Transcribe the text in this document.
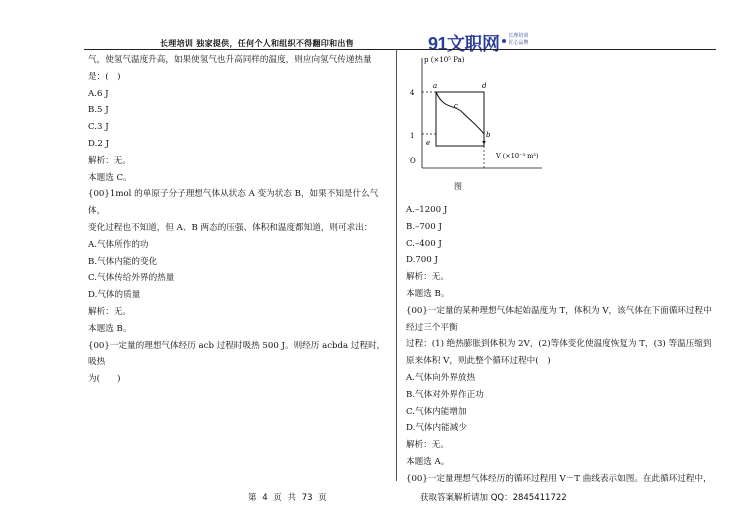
长理培训 独家提供，任何个人和组织不得翻印和出售	91文职网 长理培训
匠心品牌

气，使氢气温度升高，如果使氢气也升高同样的温度，则应向氢气传递热量

是：(　)

A.6 J

B.5 J

C.3 J

D.2 J

解析：无。

本题选 C。

{00}1mol 的单原子分子理想气体从状态 A 变为状态 B，如果不知是什么气体，

变化过程也不知道，但 A、B 两态的压强、体积和温度都知道，则可求出：

A.气体所作的功

B.气体内能的变化

C.气体传给外界的热量

D.气体的质量

解析：无。

本题选 B。

{00}一定量的理想气体经历 acb 过程时吸热 500 J。则经历 acbda 过程时，吸热

为(　　)

p (×10⁵ Pa)
V (×10⁻³ m³)
4
1
O
a	d
c
b
e
图

A.–1200 J

B.–700 J

C.–400 J

D.700 J

解析：无。

本题选 B。

{00}一定量的某种理想气体起始温度为 T，体积为 V，该气体在下面循环过程中

经过三个平衡

过程：(1) 绝热膨胀到体积为 2V，(2)等体变化使温度恢复为 T，(3) 等温压缩到

原来体积 V，则此整个循环过程中(　)

A.气体向外界放热

B.气体对外界作正功

C.气体内能增加

D.气体内能减少

解析：无。

本题选 A。

{00}一定量理想气体经历的循环过程用 V－T 曲线表示如图。在此循环过程中，

第 4 页 共 73 页	获取答案解析请加 QQ：2845411722
